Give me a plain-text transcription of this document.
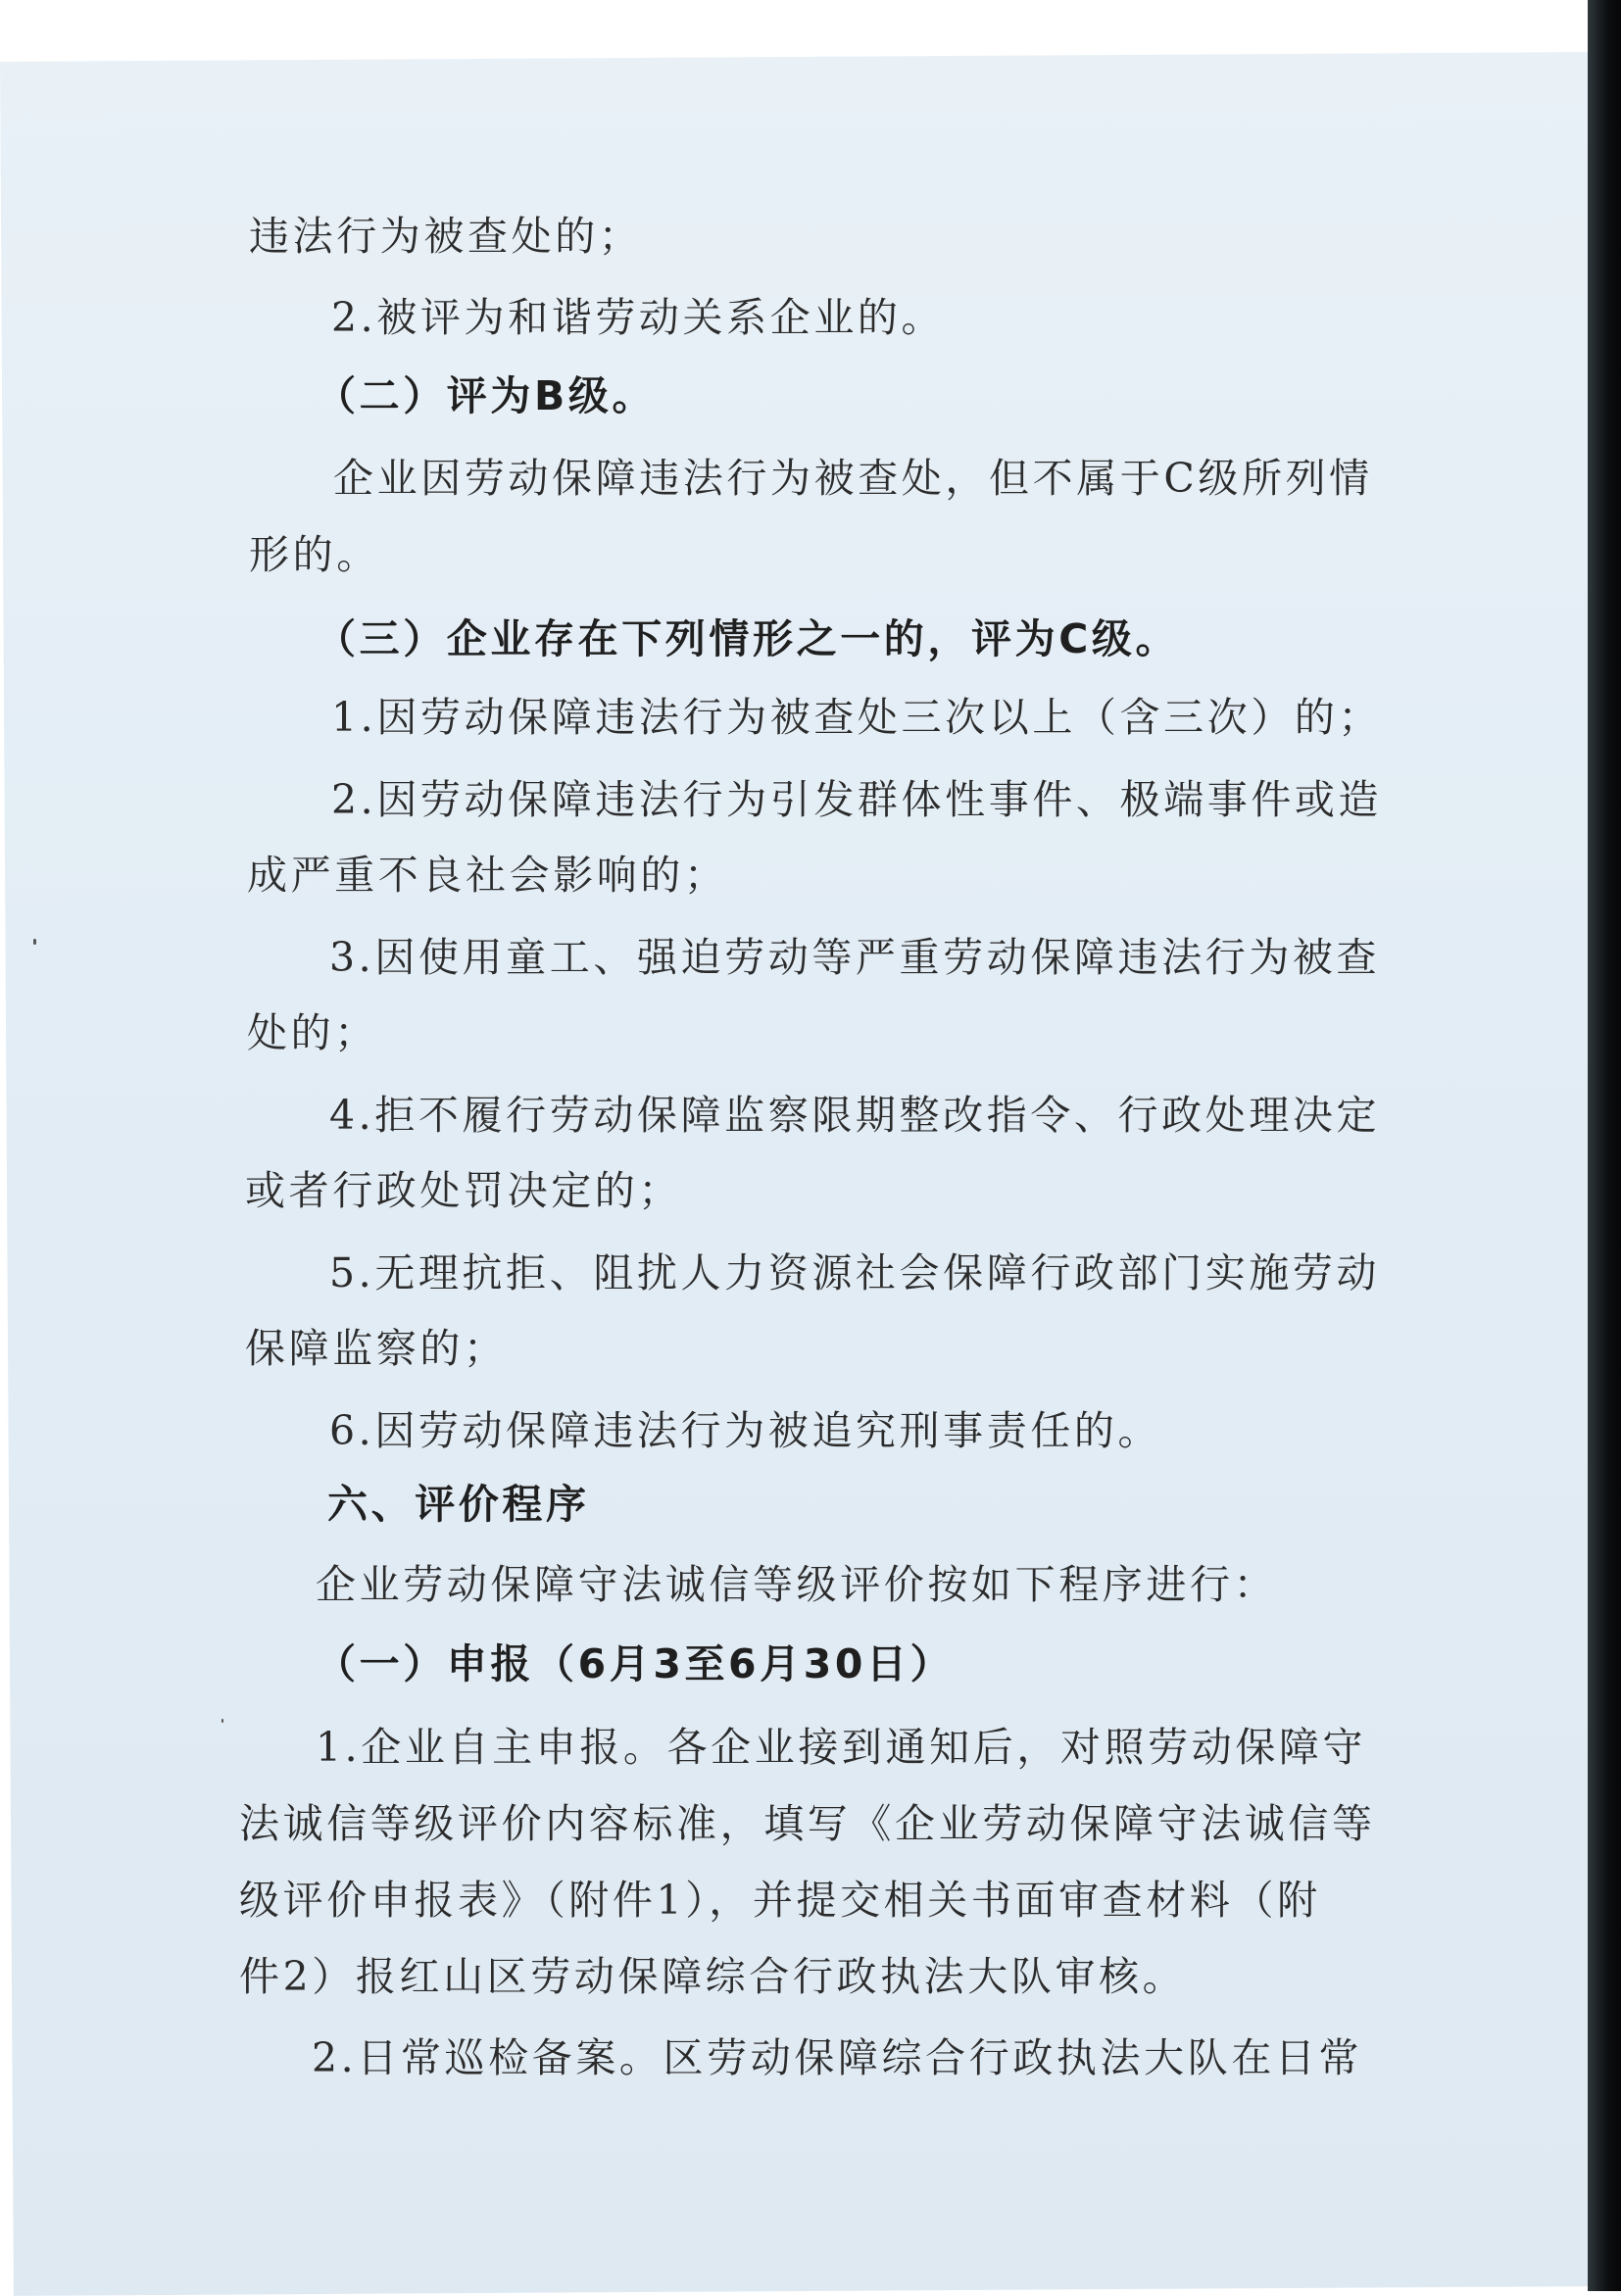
违法行为被查处的；

2.被评为和谐劳动关系企业的。

（二）评为B级。

企业因劳动保障违法行为被查处，但不属于C级所列情

形的。

（三）企业存在下列情形之一的，评为C级。

1.因劳动保障违法行为被查处三次以上（含三次）的；

2.因劳动保障违法行为引发群体性事件、极端事件或造

成严重不良社会影响的；

3.因使用童工、强迫劳动等严重劳动保障违法行为被查

处的；

4.拒不履行劳动保障监察限期整改指令、行政处理决定

或者行政处罚决定的；

5.无理抗拒、阻扰人力资源社会保障行政部门实施劳动

保障监察的；

6.因劳动保障违法行为被追究刑事责任的。

六、评价程序

企业劳动保障守法诚信等级评价按如下程序进行：

（一）申报（6月3至6月30日）

1.企业自主申报。各企业接到通知后，对照劳动保障守

法诚信等级评价内容标准，填写《企业劳动保障守法诚信等

级评价申报表》（附件1），并提交相关书面审查材料（附

件2）报红山区劳动保障综合行政执法大队审核。

2.日常巡检备案。区劳动保障综合行政执法大队在日常
